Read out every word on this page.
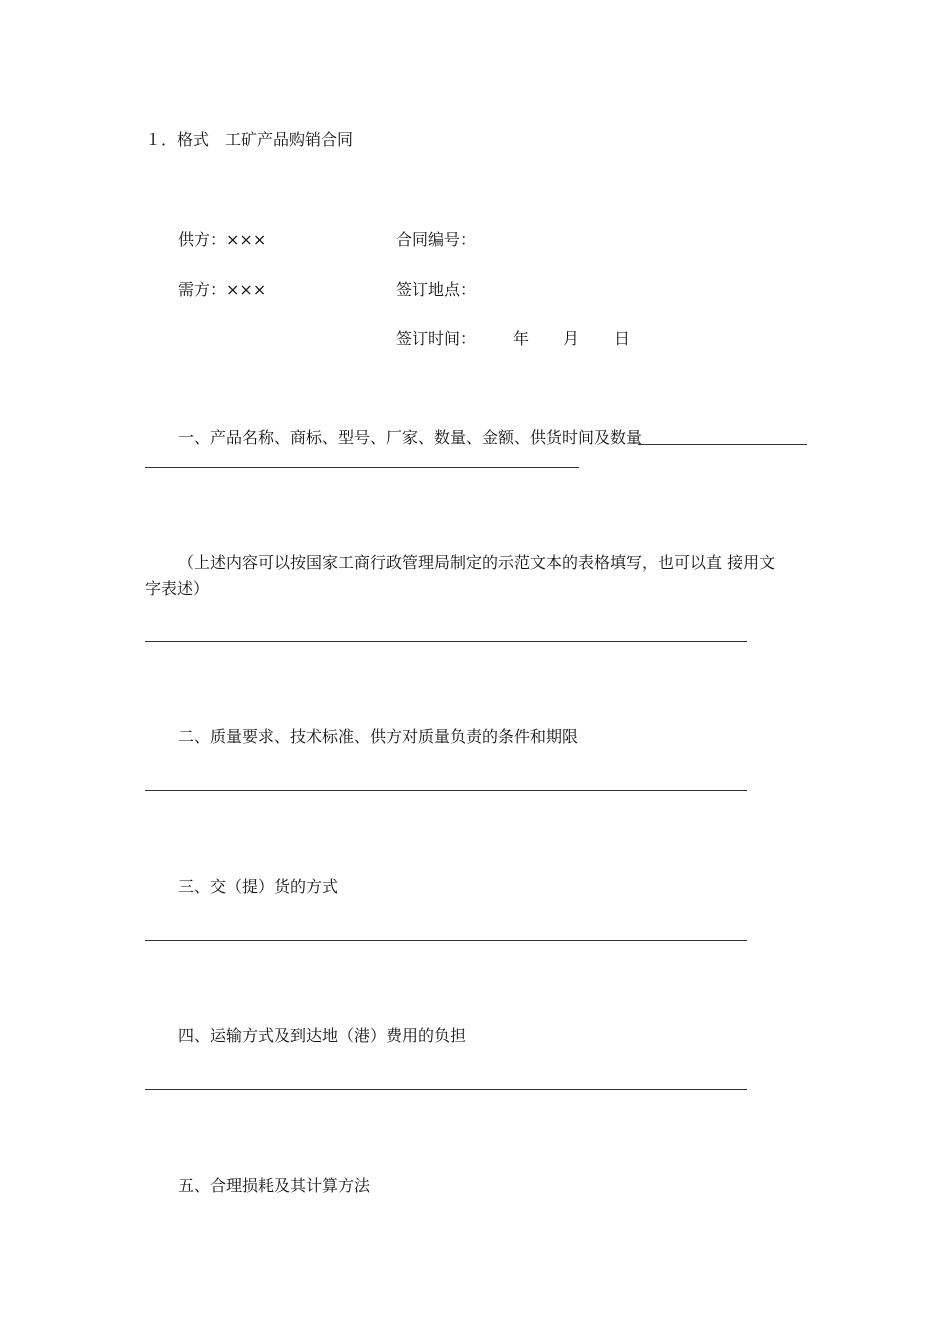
１．格式　工矿产品购销合同
供方：×××	合同编号：
需方：×××	签订地点：
签订时间： 年 月 日
一、产品名称、商标、型号、厂家、数量、金额、供货时间及数量
（上述内容可以按国家工商行政管理局制定的示范文本的表格填写，也可以直 接用文
字表述）
二、质量要求、技术标准、供方对质量负责的条件和期限
三、交（提）货的方式
四、运输方式及到达地（港）费用的负担
五、合理损耗及其计算方法
